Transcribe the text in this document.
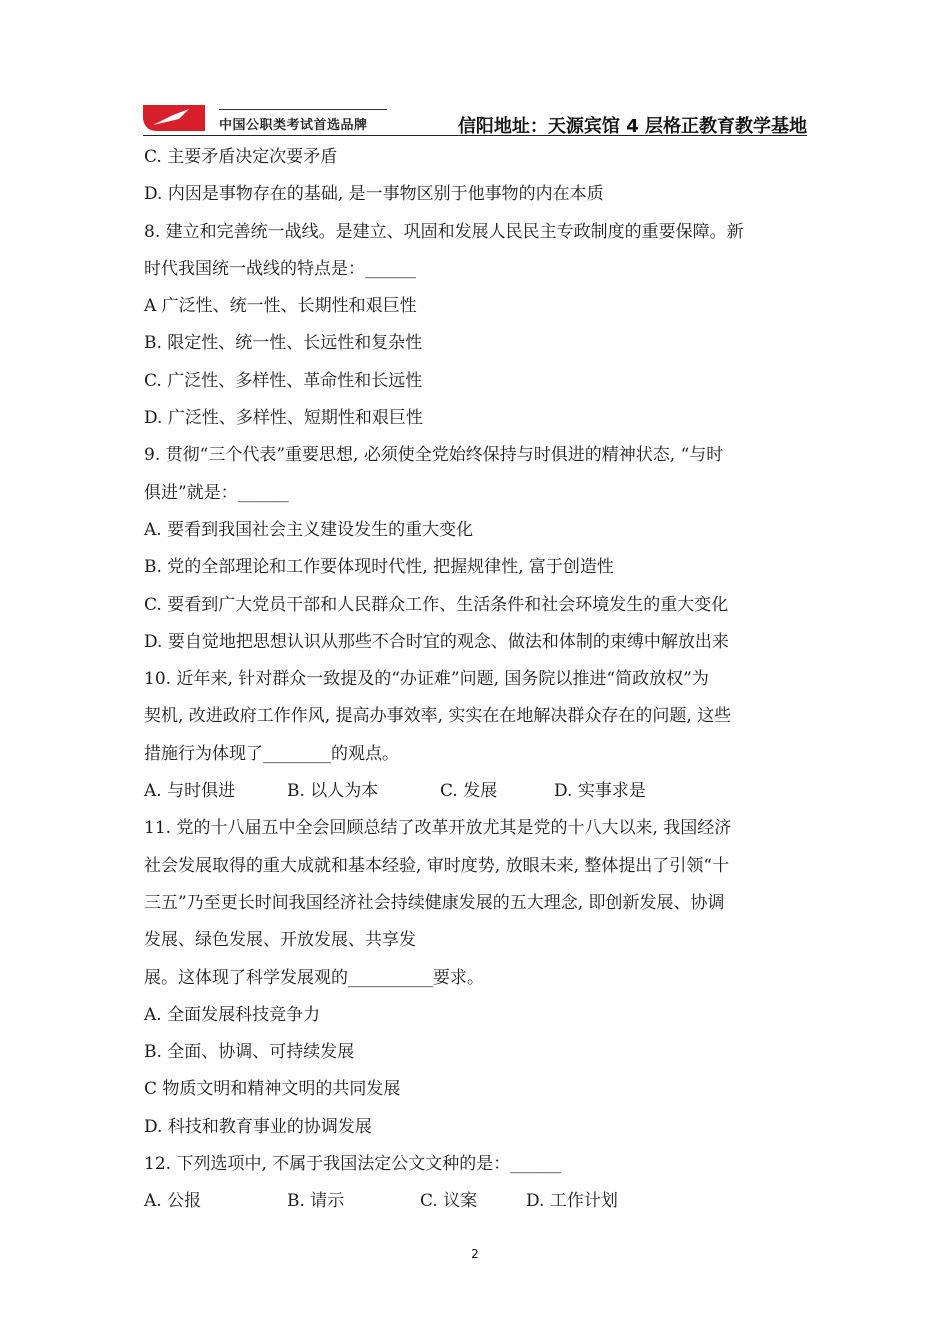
中国公职类考试首选品牌	信阳地址：天源宾馆 4 层格正教育教学基地
C. 主要矛盾决定次要矛盾
D. 内因是事物存在的基础, 是一事物区别于他事物的内在本质
8. 建立和完善统一战线。是建立、巩固和发展人民民主专政制度的重要保障。新
时代我国统一战线的特点是：______
A 广泛性、统一性、长期性和艰巨性
B. 限定性、统一性、长远性和复杂性
C. 广泛性、多样性、革命性和长远性
D. 广泛性、多样性、短期性和艰巨性
9. 贯彻“三个代表”重要思想, 必须使全党始终保持与时俱进的精神状态, “与时
俱进”就是：______
A. 要看到我国社会主义建设发生的重大变化
B. 党的全部理论和工作要体现时代性, 把握规律性, 富于创造性
C. 要看到广大党员干部和人民群众工作、生活条件和社会环境发生的重大变化
D. 要自觉地把思想认识从那些不合时宜的观念、做法和体制的束缚中解放出来
10. 近年来, 针对群众一致提及的“办证难”问题, 国务院以推进“简政放权”为
契机, 改进政府工作作风, 提高办事效率, 实实在在地解决群众存在的问题, 这些
措施行为体现了________的观点。
A. 与时俱进	B. 以人为本	C. 发展	D. 实事求是
11. 党的十八届五中全会回顾总结了改革开放尤其是党的十八大以来, 我国经济
社会发展取得的重大成就和基本经验, 审时度势, 放眼未来, 整体提出了引领“十
三五”乃至更长时间我国经济社会持续健康发展的五大理念, 即创新发展、协调
发展、绿色发展、开放发展、共享发
展。这体现了科学发展观的__________要求。
A. 全面发展科技竞争力
B. 全面、协调、可持续发展
C 物质文明和精神文明的共同发展
D. 科技和教育事业的协调发展
12. 下列选项中, 不属于我国法定公文文种的是：______
A. 公报	B. 请示	C. 议案	D. 工作计划
2
